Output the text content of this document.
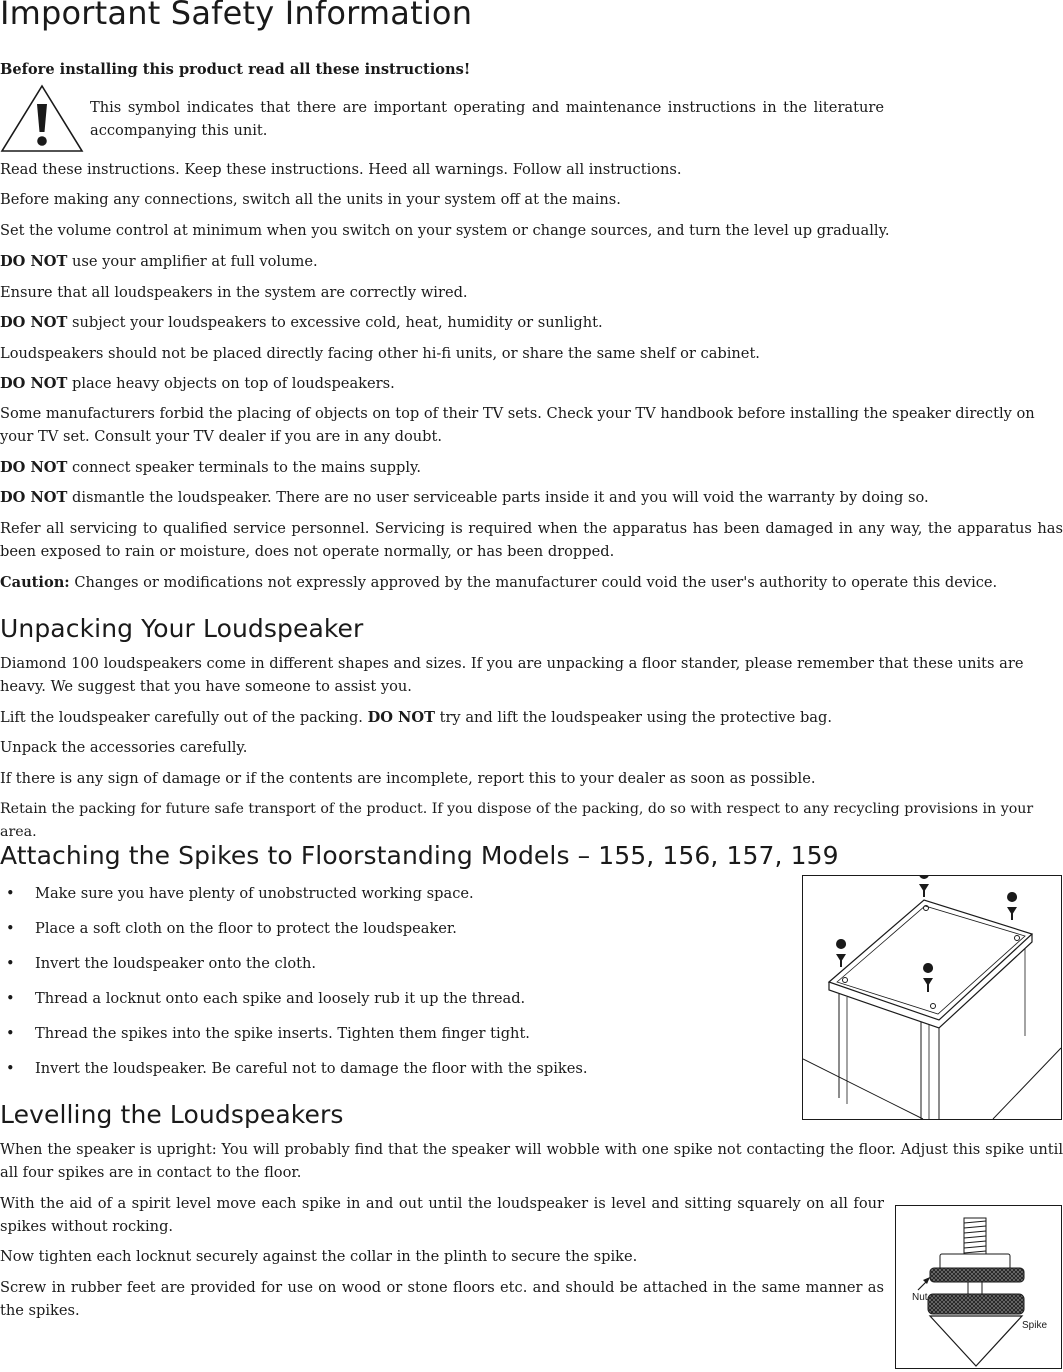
Important Safety Information

Before installing this product read all these instructions!

This symbol indicates that there are important operating and maintenance instructions in the literature accompanying this unit.

Read these instructions. Keep these instructions. Heed all warnings. Follow all instructions.

Before making any connections, switch all the units in your system off at the mains.

Set the volume control at minimum when you switch on your system or change sources, and turn the level up gradually.

DO NOT use your amplifier at full volume.

Ensure that all loudspeakers in the system are correctly wired.

DO NOT subject your loudspeakers to excessive cold, heat, humidity or sunlight.

Loudspeakers should not be placed directly facing other hi-fi units, or share the same shelf or cabinet.

DO NOT place heavy objects on top of loudspeakers.

Some manufacturers forbid the placing of objects on top of their TV sets. Check your TV handbook before installing the speaker directly on your TV set. Consult your TV dealer if you are in any doubt.

DO NOT connect speaker terminals to the mains supply.

DO NOT dismantle the loudspeaker. There are no user serviceable parts inside it and you will void the warranty by doing so.

Refer all servicing to qualified service personnel. Servicing is required when the apparatus has been damaged in any way, the apparatus has been exposed to rain or moisture, does not operate normally, or has been dropped.

Caution: Changes or modifications not expressly approved by the manufacturer could void the user's authority to operate this device.

Unpacking Your Loudspeaker

Diamond 100 loudspeakers come in different shapes and sizes. If you are unpacking a floor stander, please remember that these units are heavy. We suggest that you have someone to assist you.

Lift the loudspeaker carefully out of the packing. DO NOT try and lift the loudspeaker using the protective bag.

Unpack the accessories carefully.

If there is any sign of damage or if the contents are incomplete, report this to your dealer as soon as possible.

Retain the packing for future safe transport of the product. If you dispose of the packing, do so with respect to any recycling provisions in your area.

Attaching the Spikes to Floorstanding Models – 155, 156, 157, 159
• Make sure you have plenty of unobstructed working space.
• Place a soft cloth on the floor to protect the loudspeaker.
• Invert the loudspeaker onto the cloth.
• Thread a locknut onto each spike and loosely rub it up the thread.
• Thread the spikes into the spike inserts. Tighten them finger tight.
• Invert the loudspeaker. Be careful not to damage the floor with the spikes.
Levelling the Loudspeakers

When the speaker is upright: You will probably find that the speaker will wobble with one spike not contacting the floor. Adjust this spike until all four spikes are in contact to the floor.

With the aid of a spirit level move each spike in and out until the loudspeaker is level and sitting squarely on all four spikes without rocking.

Now tighten each locknut securely against the collar in the plinth to secure the spike.

Screw in rubber feet are provided for use on wood or stone floors etc. and should be attached in the same manner as the spikes.

Nut
Spike
